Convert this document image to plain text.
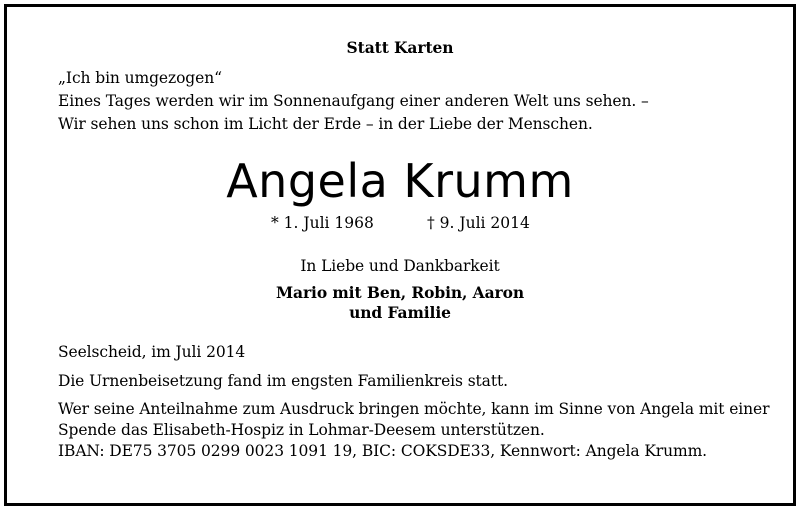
Statt Karten
„Ich bin umgezogen“
Eines Tages werden wir im Sonnenaufgang einer anderen Welt uns sehen. –
Wir sehen uns schon im Licht der Erde – in der Liebe der Menschen.
Angela Krumm
* 1. Juli 1968	† 9. Juli 2014
In Liebe und Dankbarkeit
Mario mit Ben, Robin, Aaron
und Familie
Seelscheid, im Juli 2014
Die Urnenbeisetzung fand im engsten Familienkreis statt.
Wer seine Anteilnahme zum Ausdruck bringen möchte, kann im Sinne von Angela mit einer
Spende das Elisabeth-Hospiz in Lohmar-Deesem unterstützen.
IBAN: DE75 3705 0299 0023 1091 19, BIC: COKSDE33, Kennwort: Angela Krumm.
